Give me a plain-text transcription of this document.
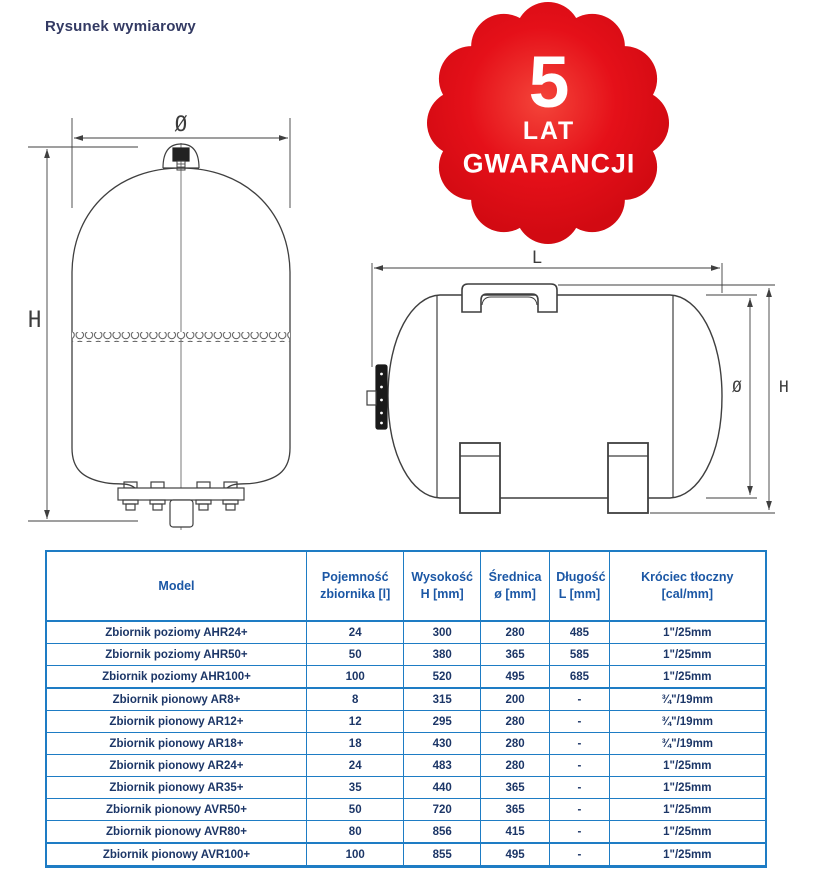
Rysunek wymiarowy
5
LAT
GWARANCJI
Ø
H
L
Ø H
Model	Pojemność zbiornika [l]	Wysokość H [mm]	Średnica ø [mm]	Długość L [mm]	Króciec tłoczny [cal/mm]
Zbiornik poziomy AHR24+	24	300	280	485	1"/25mm
Zbiornik poziomy AHR50+	50	380	365	585	1"/25mm
Zbiornik poziomy AHR100+	100	520	495	685	1"/25mm
Zbiornik pionowy AR8+	8	315	200	-	¾"/19mm
Zbiornik pionowy AR12+	12	295	280	-	¾"/19mm
Zbiornik pionowy AR18+	18	430	280	-	¾"/19mm
Zbiornik pionowy AR24+	24	483	280	-	1"/25mm
Zbiornik pionowy AR35+	35	440	365	-	1"/25mm
Zbiornik pionowy AVR50+	50	720	365	-	1"/25mm
Zbiornik pionowy AVR80+	80	856	415	-	1"/25mm
Zbiornik pionowy AVR100+	100	855	495	-	1"/25mm
